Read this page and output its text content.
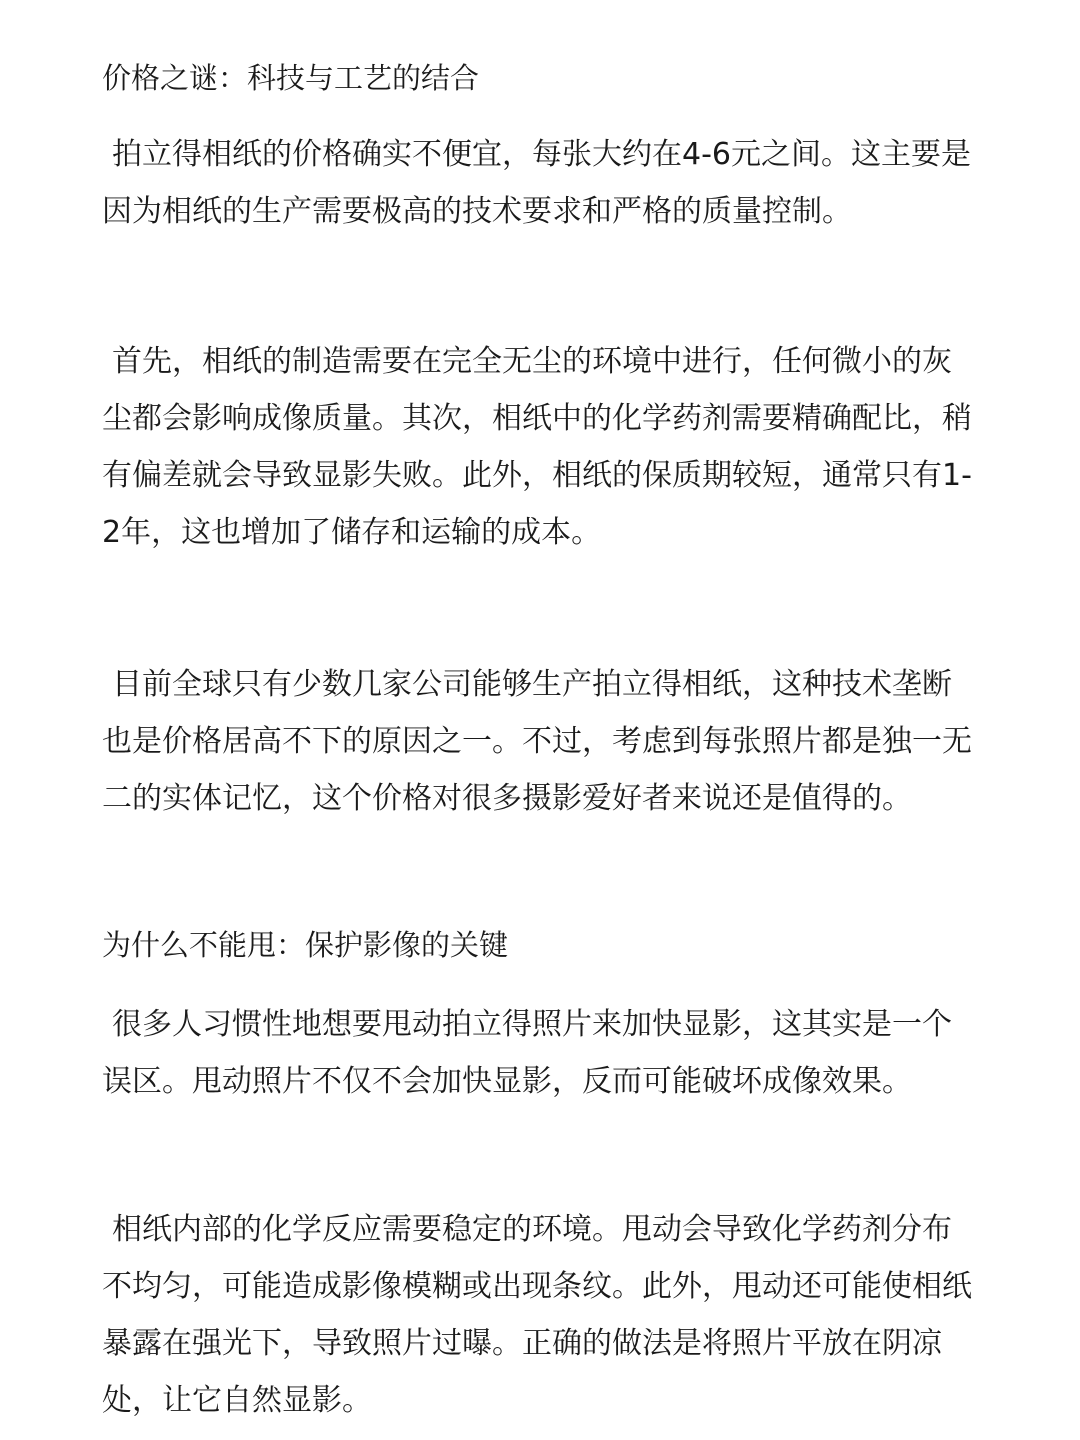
价格之谜：科技与工艺的结合

拍立得相纸的价格确实不便宜，每张大约在4-6元之间。这主要是因为相纸的生产需要极高的技术要求和严格的质量控制。

首先，相纸的制造需要在完全无尘的环境中进行，任何微小的灰尘都会影响成像质量。其次，相纸中的化学药剂需要精确配比，稍有偏差就会导致显影失败。此外，相纸的保质期较短，通常只有1-2年，这也增加了储存和运输的成本。

目前全球只有少数几家公司能够生产拍立得相纸，这种技术垄断也是价格居高不下的原因之一。不过，考虑到每张照片都是独一无二的实体记忆，这个价格对很多摄影爱好者来说还是值得的。

为什么不能甩：保护影像的关键

很多人习惯性地想要甩动拍立得照片来加快显影，这其实是一个误区。甩动照片不仅不会加快显影，反而可能破坏成像效果。

相纸内部的化学反应需要稳定的环境。甩动会导致化学药剂分布不均匀，可能造成影像模糊或出现条纹。此外，甩动还可能使相纸暴露在强光下，导致照片过曝。正确的做法是将照片平放在阴凉处，让它自然显影。
